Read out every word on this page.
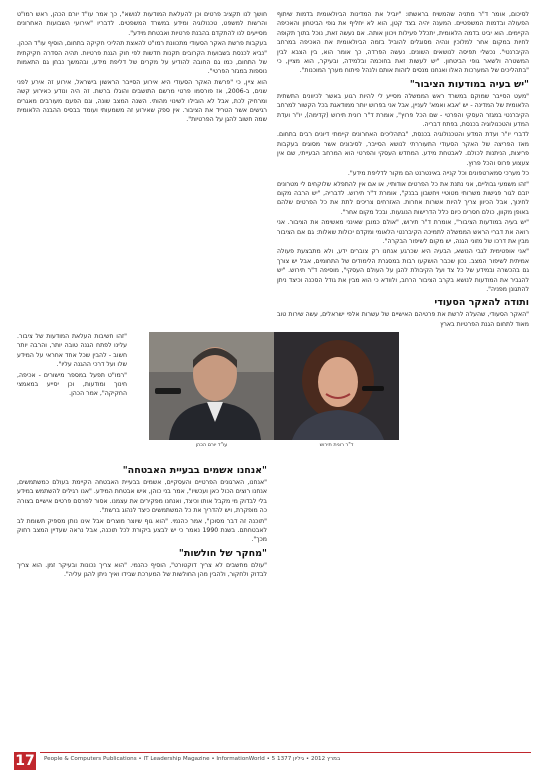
לסיכום, אומר ד"ר מתניה שהמשיח בראשתו: "יוביל את המדינות הביולאומית בדמות שיתוף הפעולה ובדמות המשפטיים. המענה יהיה בצד קטן, הוא לא יחליף את גופי הביטחון והאכיפה הקיימים. הוא יביט בדמה הלאומית, יתכלל פעילות ויכוון אותה. אם נעשה זאת, נוכל בתוך תקופה לחיות במקום אחר למלוכין ונהיה מסוגלים להוביל בזמה הביולאומית את האכיפה במרחב הקיברנטי". נכשלי תפיסה לנושאים השונים. נעשה הפרדה, כך אומר הוא, בין הצבא לבין המשטרה ולשאר גופי הביטחון. "יש לעשות זאת בחוכמה ובלמידה, ובעיקר, הוא מציין, כי "בתהליכים של המערכות האלו ואנחנו מנסים לזהות אותם ולנהל פיתוח מערך המוכנות".

"יש בעיה במודעות הציבור"

"מעט הסייבר שמוקם במשרד ראש הממשלה מסייע לי להיות רגוע באשר לכיוונים התשתית הלאומית של המדינה - יש 'אבא ואמא' לעניין, אבל אני בפרוש יותר ממודאגת בכל הקשור למרחב הקיברנטי במגזר העסקי והפרטי - שם הכל פרוץ", אומרת ד"ר רונית תירוש (קדימה), יו"ר ועדת המדע והטכנולוגיה בכנסת, בפתח דבריה.

לדברי יו"ר ועדת המדע והטכנולוגיה בכנסת, "בתהליכים האחרונים קיימתי דיונים רבים בתחום. מאז הפריצה של האקר הסעודי התעוררתי לנושא הסייבר, לסיבונים אשר מסוגים בעקבות פריצות, הניתנות לכולם. לאבטחת מידע. המחדש העסקי והפרטי הוא המרחב הבעייתי, שם אין צעצוע פרוס והכל פרוץ.

כל מערכי סמארטפונים וכל קנייה באינטרנט הם מקור לדליפת מידע".

"זהו משמעי גבוליים, אני נתנת את כל הפרטים אודותיי, או אם אין להתפלא שלוקחים לי מטרונים יזבם לגור פגישות משרותי מטוטיי ויחשבון בבנק", אומרת ד"ר תירוש. לדבריה, "יש הרבה מקום לחינוך, אבל הכיוון צריך להיות אשרות אחרות. האזרחים צריכים לתת את כל הפרטים שלהם באופן מקוון, כולם חסרים כיום כלל הדרישות הנוגעות. ובכל מקום אחר".

"יש בעיה במודעות הציבור", אומרת ד"ר תירוש, "אולם כמובן שאינני מאשימה את הציבור. אני רואה את דברי הראש הממשלה לתמיכה הקיברנטי הלאומי ומקדם יכולות שאלות: גם אם הציבור מבין את דרכו של מזוני הגנה, יש מקום לשיפור הבקרה".

"אני אופטימית לגבי הנושא, הבעיה היא שכרגע אנחנו רק צוברים ידע, ולא מתבצעת פעולה אמיתית לשיפור המצב. נכון שכבר הושקעו רבות במסגרת הלימודים של התחומים, אבל יש צורך גם בהכשרה ובמידע של כל צד ועל הקיבולת להגן על העולם העסקי", מוסיפה ד"ר תירוש. "יש להגביר את המודעות לנושא בקרב הציבור הרחב, ולוודא כי הוא מבין את גודל הסכנה וכיצד ניתן להתגונן מפניה".

ותודה להאקר הסעודי

"האקר הסעודי, שהעלה לרשת את פרטיהם האישיים של עשרות אלפי ישראלים, עשה שירות טוב מאוד לתחום הגנת הפרטיות בארץ

חושך לנו תקציב פרטים וכן להעלאת המודעות לנושא", כך אמר עו"ד יורם הכהן, ראש רמו"ט והרשות למשפט, טכנולוגיה ומידע במשרד המשפטים. לדבריו "אירועי השבועות האחרונים מסייעים לנו להתקדם בהבנת פרטיות ואבטחת מידע".

בעקבות פרשת האקר הסעודי מתכוונת רמו"ט להאצת תהליכי חקיקה בתחום, הוסיף עו"ד הכהן. "נביא לכנסת בשבועות הקרובים תקנות חדשות לפי חוק הגנת פרטיות. תהיה הסדרה חקיקתית של התחום, כמו גם החובה להודיע על מקרים של דליפת מידע, ובהמשך נבחן גם התאמות נוספות במגזר הפרטי".

הוא ציין, כי "פרשת האקר הסעודי היא אירוע הסייבר הראשון בישראל, אירוע זה אירע לפני שנים, ב-2006, אז פורסמו פרטי מרשם התושבים והוגלו ברשת. זה היה ונודע כאירוע קשה ומרחיק לכת, אבל לא הובילו לשינוי מהותי. השנה המצב שונה, וגם הפעם מעורבים מאגרים רגישים אשר הטריד את הציבור. אין ספק שאירוע זה משמעותי ועומד בבסיס ההבנה הלאומית שמה חשוב להגן על הפרטיות".

"זהו חשיבות העלאת המודעות של ציבור. עלינו לפתח הגנה טובה יותר, והרבה יותר חשוב - להבין שכל אחד אחראי על המידע שלו ועל דרכי ההגנה עליו".

"רמו"ט תפעל במספר מישורים - אכיפה, חינוך ומודעות, וכן יסייע במאמצי החקיקה", אמר הכהן.

"אנחנו אשמים בבעיית האבטחה"

"אנחנו, הארגונים הפרטיים והעסקיים, אשמים בבעיית האבטחה הקיימת בעולם כמשתמשים, אנחנו רוצים הכול כאן ועכשיו", אמר בני כוהן, איש אבטחת המידע. "אנו רגילים להשתמש במידע בלי לבדוק מי מקבל אותו וכיצד, ואנחנו מפקירים את עצמנו. אסור לפרסם פרטים אישיים בצורה כה מופקרת, ויש להדריך את כל המשתמשים כיצד לנהוג ברשת".

"תוכנה זה דבר מסוכן", אמר כהנמי. "הוא גוף שיוצר מוצרים אבל אינו נותן מספיק תשומת לב לאבטחתם. בשנת 1990 נאמר כי יש לבצע ביקורת לכל תוכנה, אבל נראה שעדיין המצב רחוק מכך".

"מחקר של חולשות"

"עולם מחשבים לא צריך דוקטורט", הוסיף כהנמי. "הוא צריך נכונות ובעיקר זמן. הוא צריך לבדוק ולחקור, ולהבין מהן החולשות של המערכת שבידו ואיך ניתן להגן עליה".

עו"ד יורם הכהן	ד"ר רונית תירוש
17 People & Computers Publications • IT Leadership Magazine • InformationWorld • 5 במרץ 2012 • גיליון 1377
